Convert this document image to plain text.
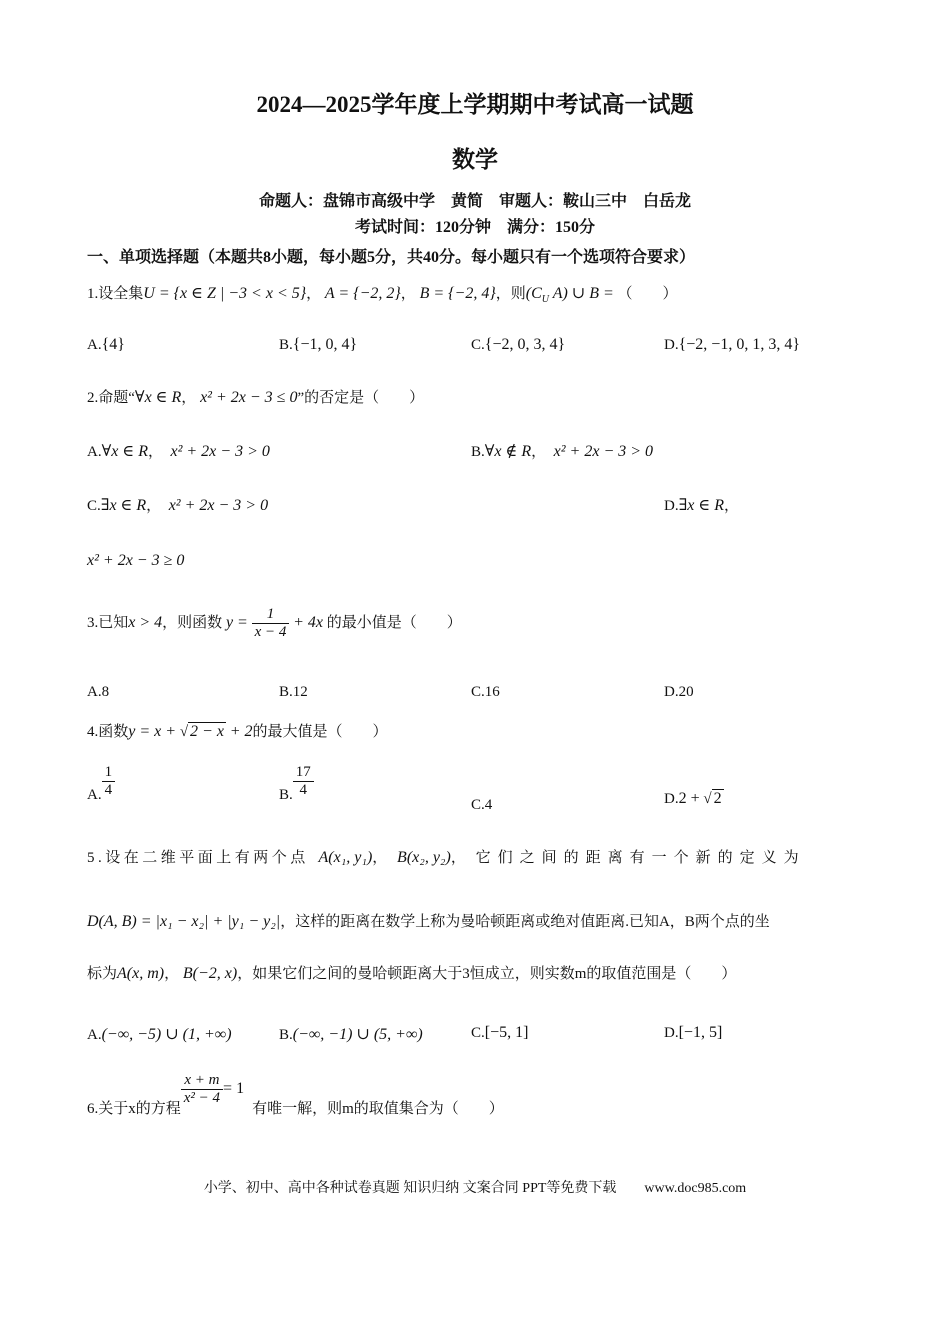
2024—2025学年度上学期期中考试高一试题
数学
命题人：盘锦市高级中学　黄简　审题人：鞍山三中　白岳龙
考试时间：120分钟　满分：150分
一、单项选择题（本题共8小题，每小题5分，共40分。每小题只有一个选项符合要求）
1.设全集U = {x ∈ Z | −3 < x < 5}， A = {−2, 2}， B = {−2, 4}，则($C_U$ A) ∪ B = （　　）
A.{4}	B.{−1, 0, 4}	C.{−2, 0, 3, 4}	D.{−2, −1, 0, 1, 3, 4}
2.命题“∀x ∈ R， x² + 2x − 3 ≤ 0”的否定是（　　）
A.∀x ∈ R，　x² + 2x − 3 > 0	B.∀x ∉ R，　x² + 2x − 3 > 0
C.∃x ∈ R，　x² + 2x − 3 > 0	D.∃x ∈ R，
x² + 2x − 3 ≥ 0
3.已知x > 4，则函数 $y = \frac{1}{x - 4} + 4x$ 的最小值是（　　）
A.8	B.12	C.16	D.20
4.函数y = x + √ 2 − x + 2的最大值是（　　）
A. $\frac{1}{4}$	B. $\frac{17}{4}$
C.4	D.2 + √ 2
5.设在二维平面上有两个点 A(x₁, y₁)， B(x₂, y₂)， 它们之间的距离有一个新的定义为
D(A, B) = |x₁ − x₂| + |y₁ − y₂|，这样的距离在数学上称为曼哈顿距离或绝对值距离.已知A，B两个点的坐
标为A(x, m)， B(−2, x)，如果它们之间的曼哈顿距离大于3恒成立，则实数m的取值范围是（　　）
A.(−∞, −5) ∪ (1, +∞)	B.(−∞, −1) ∪ (5, +∞)	C.[−5, 1]	D.[−1, 5]
6.关于x的方程
$\frac{x + m}{\text{x² − 4}} = 1$有唯一解，则m的取值集合为（　　）
小学、初中、高中各种试卷真题 知识归纳 文案合同 PPT等免费下载　　www.doc985.com
